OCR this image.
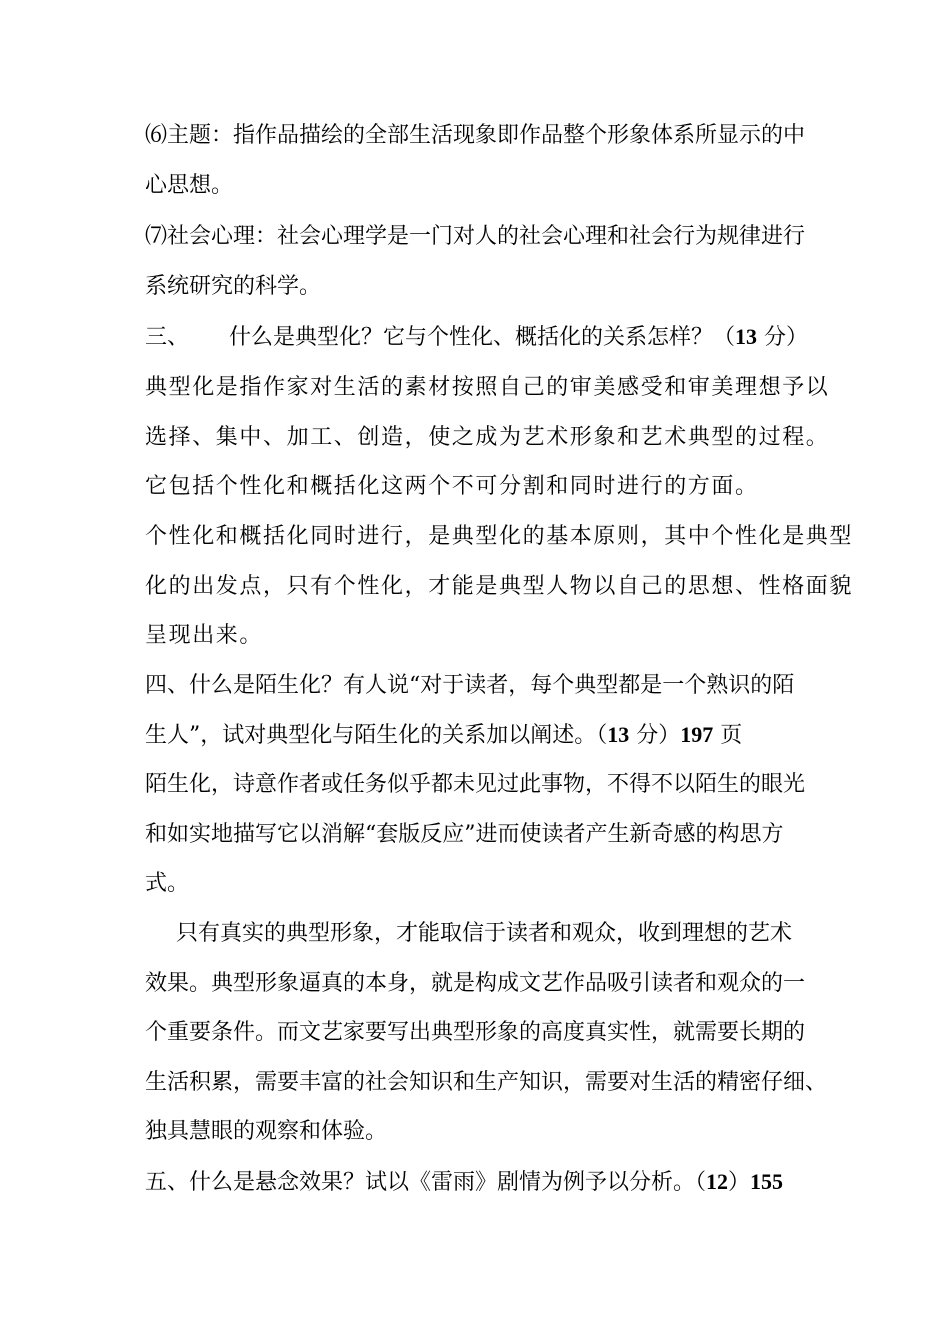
⑹主题：指作品描绘的全部生活现象即作品整个形象体系所显示的中
心思想。
⑺社会心理：社会心理学是一门对人的社会心理和社会行为规律进行
系统研究的科学。
三、 什么是典型化？它与个性化、概括化的关系怎样？（13 分）
典型化是指作家对生活的素材按照自己的审美感受和审美理想予以
选择、集中、加工、创造，使之成为艺术形象和艺术典型的过程。
它包括个性化和概括化这两个不可分割和同时进行的方面。
个性化和概括化同时进行，是典型化的基本原则，其中个性化是典型
化的出发点，只有个性化，才能是典型人物以自己的思想、性格面貌
呈现出来。
四、什么是陌生化？有人说“对于读者，每个典型都是一个熟识的陌
生人”，试对典型化与陌生化的关系加以阐述。（13 分）197 页
陌生化，诗意作者或任务似乎都未见过此事物，不得不以陌生的眼光
和如实地描写它以消解“套版反应”进而使读者产生新奇感的构思方
式。
只有真实的典型形象，才能取信于读者和观众，收到理想的艺术
效果。典型形象逼真的本身，就是构成文艺作品吸引读者和观众的一
个重要条件。而文艺家要写出典型形象的高度真实性，就需要长期的
生活积累，需要丰富的社会知识和生产知识，需要对生活的精密仔细、
独具慧眼的观察和体验。
五、什么是悬念效果？试以《雷雨》剧情为例予以分析。（12）155
